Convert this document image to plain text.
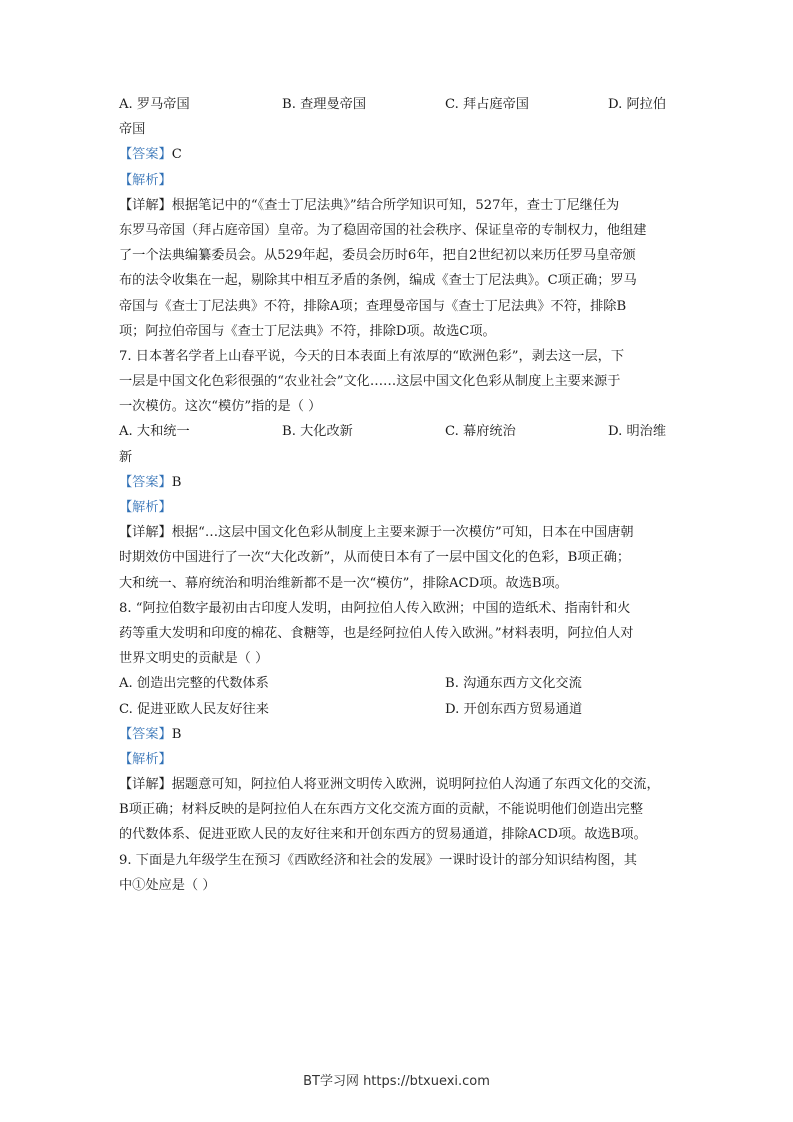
A. 罗马帝国	B. 查理曼帝国	C. 拜占庭帝国	D. 阿拉伯
帝国
【答案】C
【解析】
【详解】根据笔记中的“《查士丁尼法典》”结合所学知识可知，527年，查士丁尼继任为
东罗马帝国（拜占庭帝国）皇帝。为了稳固帝国的社会秩序、保证皇帝的专制权力，他组建
了一个法典编纂委员会。从529年起，委员会历时6年，把自2世纪初以来历任罗马皇帝颁
布的法令收集在一起，剔除其中相互矛盾的条例，编成《查士丁尼法典》。C项正确；罗马
帝国与《查士丁尼法典》不符，排除A项；查理曼帝国与《查士丁尼法典》不符，排除B
项；阿拉伯帝国与《查士丁尼法典》不符，排除D项。故选C项。
7. 日本著名学者上山春平说，今天的日本表面上有浓厚的“欧洲色彩”，剥去这一层，下
一层是中国文化色彩很强的“农业社会”文化……这层中国文化色彩从制度上主要来源于
一次模仿。这次“模仿”指的是（ ）
A. 大和统一	B. 大化改新	C. 幕府统治	D. 明治维
新
【答案】B
【解析】
【详解】根据“…这层中国文化色彩从制度上主要来源于一次模仿”可知，日本在中国唐朝
时期效仿中国进行了一次“大化改新”，从而使日本有了一层中国文化的色彩，B项正确；
大和统一、幕府统治和明治维新都不是一次“模仿”，排除ACD项。故选B项。
8. “阿拉伯数字最初由古印度人发明，由阿拉伯人传入欧洲；中国的造纸术、指南针和火
药等重大发明和印度的棉花、食糖等，也是经阿拉伯人传入欧洲。”材料表明，阿拉伯人对
世界文明史的贡献是（ ）
A. 创造出完整的代数体系	B. 沟通东西方文化交流
C. 促进亚欧人民友好往来	D. 开创东西方贸易通道
【答案】B
【解析】
【详解】据题意可知，阿拉伯人将亚洲文明传入欧洲，说明阿拉伯人沟通了东西文化的交流，
B项正确；材料反映的是阿拉伯人在东西方文化交流方面的贡献，不能说明他们创造出完整
的代数体系、促进亚欧人民的友好往来和开创东西方的贸易通道，排除ACD项。故选B项。
9. 下面是九年级学生在预习《西欧经济和社会的发展》一课时设计的部分知识结构图，其
中①处应是（ ）
BT学习网 https://btxuexi.com
